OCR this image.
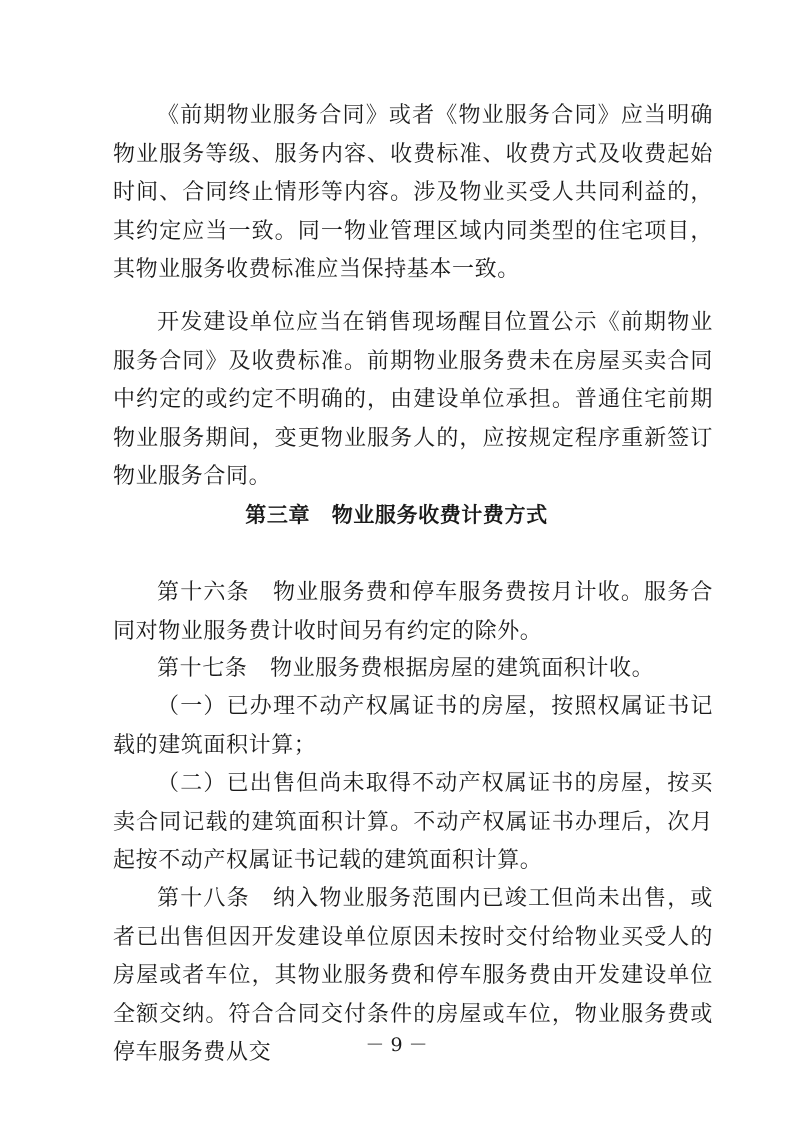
《前期物业服务合同》或者《物业服务合同》应当明确物业服务等级、服务内容、收费标准、收费方式及收费起始时间、合同终止情形等内容。涉及物业买受人共同利益的，其约定应当一致。同一物业管理区域内同类型的住宅项目，其物业服务收费标准应当保持基本一致。

开发建设单位应当在销售现场醒目位置公示《前期物业服务合同》及收费标准。前期物业服务费未在房屋买卖合同中约定的或约定不明确的，由建设单位承担。普通住宅前期物业服务期间，变更物业服务人的，应按规定程序重新签订物业服务合同。

第三章　物业服务收费计费方式

第十六条　物业服务费和停车服务费按月计收。服务合同对物业服务费计收时间另有约定的除外。

第十七条　物业服务费根据房屋的建筑面积计收。

（一）已办理不动产权属证书的房屋，按照权属证书记载的建筑面积计算；

（二）已出售但尚未取得不动产权属证书的房屋，按买卖合同记载的建筑面积计算。不动产权属证书办理后，次月起按不动产权属证书记载的建筑面积计算。

第十八条　纳入物业服务范围内已竣工但尚未出售，或者已出售但因开发建设单位原因未按时交付给物业买受人的房屋或者车位，其物业服务费和停车服务费由开发建设单位全额交纳。符合合同交付条件的房屋或车位，物业服务费或停车服务费从交	－ 9 －
